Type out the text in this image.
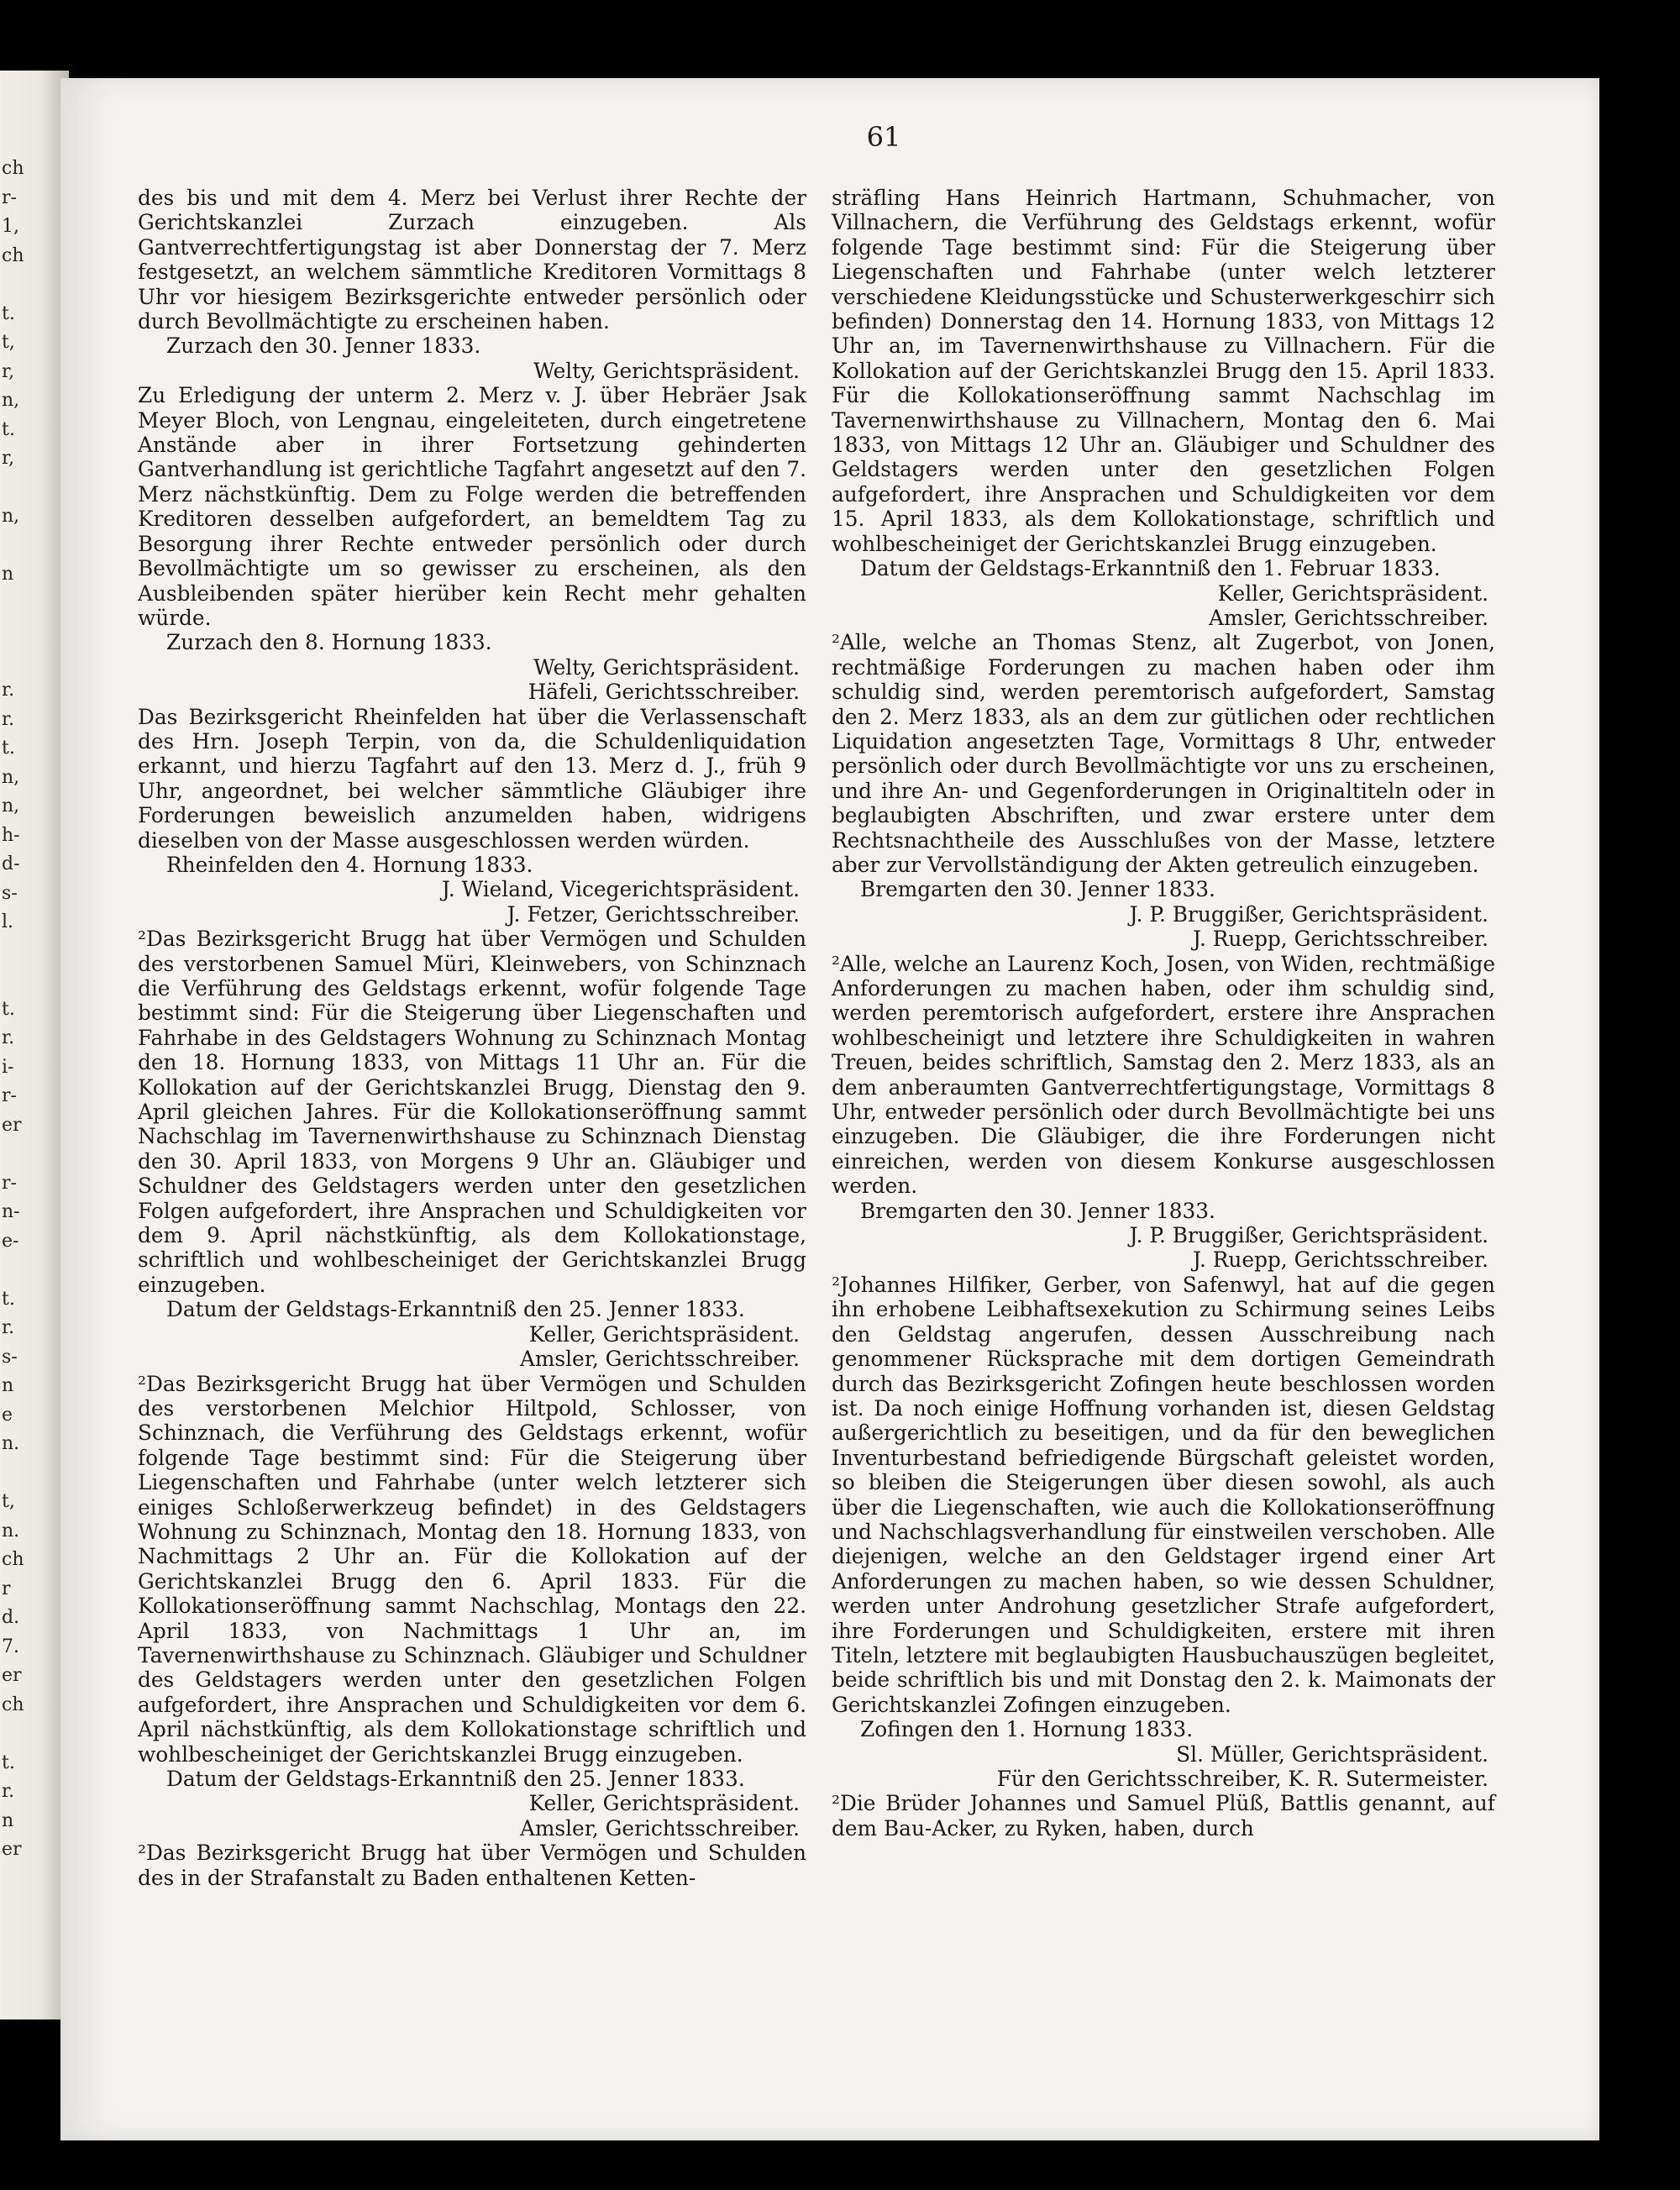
ch
r-
1,
ch
t.
t,
r,
n,
t.
r,
n,
n
r.
r.
t.
n,
n,
h-
d-
s-
l.
t.
r.
i-
r-
er
r-
n-
e-
t.
r.
s-
n
e
n.
t,
n.
ch
r
d.
7.
er
ch
t.
r.
n
er
61

des bis und mit dem 4. Merz bei Verlust ihrer Rechte der Gerichtskanzlei Zurzach einzugeben. Als Gantverrechtfertigungstag ist aber Donnerstag der 7. Merz festgesetzt, an welchem sämmtliche Kreditoren Vormittags 8 Uhr vor hiesigem Bezirksgerichte entweder persönlich oder durch Bevollmächtigte zu erscheinen haben.

Zurzach den 30. Jenner 1833.

Welty, Gerichtspräsident.

Zu Erledigung der unterm 2. Merz v. J. über Hebräer Jsak Meyer Bloch, von Lengnau, eingeleiteten, durch eingetretene Anstände aber in ihrer Fortsetzung gehinderten Gantverhandlung ist gerichtliche Tagfahrt angesetzt auf den 7. Merz nächstkünftig. Dem zu Folge werden die betreffenden Kreditoren desselben aufgefordert, an bemeldtem Tag zu Besorgung ihrer Rechte entweder persönlich oder durch Bevollmächtigte um so gewisser zu erscheinen, als den Ausbleibenden später hierüber kein Recht mehr gehalten würde.

Zurzach den 8. Hornung 1833.

Welty, Gerichtspräsident.

Häfeli, Gerichtsschreiber.

Das Bezirksgericht Rheinfelden hat über die Verlassenschaft des Hrn. Joseph Terpin, von da, die Schuldenliquidation erkannt, und hierzu Tagfahrt auf den 13. Merz d. J., früh 9 Uhr, angeordnet, bei welcher sämmtliche Gläubiger ihre Forderungen beweislich anzumelden haben, widrigens dieselben von der Masse ausgeschlossen werden würden.

Rheinfelden den 4. Hornung 1833.

J. Wieland, Vicegerichtspräsident.

J. Fetzer, Gerichtsschreiber.

²Das Bezirksgericht Brugg hat über Vermögen und Schulden des verstorbenen Samuel Müri, Kleinwebers, von Schinznach die Verführung des Geldstags erkennt, wofür folgende Tage bestimmt sind: Für die Steigerung über Liegenschaften und Fahrhabe in des Geldstagers Wohnung zu Schinznach Montag den 18. Hornung 1833, von Mittags 11 Uhr an. Für die Kollokation auf der Gerichtskanzlei Brugg, Dienstag den 9. April gleichen Jahres. Für die Kollokationseröffnung sammt Nachschlag im Tavernenwirthshause zu Schinznach Dienstag den 30. April 1833, von Morgens 9 Uhr an. Gläubiger und Schuldner des Geldstagers werden unter den gesetzlichen Folgen aufgefordert, ihre Ansprachen und Schuldigkeiten vor dem 9. April nächstkünftig, als dem Kollokationstage, schriftlich und wohlbescheiniget der Gerichtskanzlei Brugg einzugeben.

Datum der Geldstags-Erkanntniß den 25. Jenner 1833.

Keller, Gerichtspräsident.

Amsler, Gerichtsschreiber.

²Das Bezirksgericht Brugg hat über Vermögen und Schulden des verstorbenen Melchior Hiltpold, Schlosser, von Schinznach, die Verführung des Geldstags erkennt, wofür folgende Tage bestimmt sind: Für die Steigerung über Liegenschaften und Fahrhabe (unter welch letzterer sich einiges Schloßerwerkzeug befindet) in des Geldstagers Wohnung zu Schinznach, Montag den 18. Hornung 1833, von Nachmittags 2 Uhr an. Für die Kollokation auf der Gerichtskanzlei Brugg den 6. April 1833. Für die Kollokationseröffnung sammt Nachschlag, Montags den 22. April 1833, von Nachmittags 1 Uhr an, im Tavernenwirthshause zu Schinznach. Gläubiger und Schuldner des Geldstagers werden unter den gesetzlichen Folgen aufgefordert, ihre Ansprachen und Schuldigkeiten vor dem 6. April nächstkünftig, als dem Kollokationstage schriftlich und wohlbescheiniget der Gerichtskanzlei Brugg einzugeben.

Datum der Geldstags-Erkanntniß den 25. Jenner 1833.

Keller, Gerichtspräsident.

Amsler, Gerichtsschreiber.

²Das Bezirksgericht Brugg hat über Vermögen und Schulden des in der Strafanstalt zu Baden enthaltenen Ketten-

sträfling Hans Heinrich Hartmann, Schuhmacher, von Villnachern, die Verführung des Geldstags erkennt, wofür folgende Tage bestimmt sind: Für die Steigerung über Liegenschaften und Fahrhabe (unter welch letzterer verschiedene Kleidungsstücke und Schusterwerkgeschirr sich befinden) Donnerstag den 14. Hornung 1833, von Mittags 12 Uhr an, im Tavernenwirthshause zu Villnachern. Für die Kollokation auf der Gerichtskanzlei Brugg den 15. April 1833. Für die Kollokationseröffnung sammt Nachschlag im Tavernenwirthshause zu Villnachern, Montag den 6. Mai 1833, von Mittags 12 Uhr an. Gläubiger und Schuldner des Geldstagers werden unter den gesetzlichen Folgen aufgefordert, ihre Ansprachen und Schuldigkeiten vor dem 15. April 1833, als dem Kollokationstage, schriftlich und wohlbescheiniget der Gerichtskanzlei Brugg einzugeben.

Datum der Geldstags-Erkanntniß den 1. Februar 1833.

Keller, Gerichtspräsident.

Amsler, Gerichtsschreiber.

²Alle, welche an Thomas Stenz, alt Zugerbot, von Jonen, rechtmäßige Forderungen zu machen haben oder ihm schuldig sind, werden peremtorisch aufgefordert, Samstag den 2. Merz 1833, als an dem zur gütlichen oder rechtlichen Liquidation angesetzten Tage, Vormittags 8 Uhr, entweder persönlich oder durch Bevollmächtigte vor uns zu erscheinen, und ihre An- und Gegenforderungen in Originaltiteln oder in beglaubigten Abschriften, und zwar erstere unter dem Rechtsnachtheile des Ausschlußes von der Masse, letztere aber zur Vervollständigung der Akten getreulich einzugeben.

Bremgarten den 30. Jenner 1833.

J. P. Bruggißer, Gerichtspräsident.

J. Ruepp, Gerichtsschreiber.

²Alle, welche an Laurenz Koch, Josen, von Widen, rechtmäßige Anforderungen zu machen haben, oder ihm schuldig sind, werden peremtorisch aufgefordert, erstere ihre Ansprachen wohlbescheinigt und letztere ihre Schuldigkeiten in wahren Treuen, beides schriftlich, Samstag den 2. Merz 1833, als an dem anberaumten Gantverrechtfertigungstage, Vormittags 8 Uhr, entweder persönlich oder durch Bevollmächtigte bei uns einzugeben. Die Gläubiger, die ihre Forderungen nicht einreichen, werden von diesem Konkurse ausgeschlossen werden.

Bremgarten den 30. Jenner 1833.

J. P. Bruggißer, Gerichtspräsident.

J. Ruepp, Gerichtsschreiber.

²Johannes Hilfiker, Gerber, von Safenwyl, hat auf die gegen ihn erhobene Leibhaftsexekution zu Schirmung seines Leibs den Geldstag angerufen, dessen Ausschreibung nach genommener Rücksprache mit dem dortigen Gemeindrath durch das Bezirksgericht Zofingen heute beschlossen worden ist. Da noch einige Hoffnung vorhanden ist, diesen Geldstag außergerichtlich zu beseitigen, und da für den beweglichen Inventurbestand befriedigende Bürgschaft geleistet worden, so bleiben die Steigerungen über diesen sowohl, als auch über die Liegenschaften, wie auch die Kollokationseröffnung und Nachschlagsverhandlung für einstweilen verschoben. Alle diejenigen, welche an den Geldstager irgend einer Art Anforderungen zu machen haben, so wie dessen Schuldner, werden unter Androhung gesetzlicher Strafe aufgefordert, ihre Forderungen und Schuldigkeiten, erstere mit ihren Titeln, letztere mit beglaubigten Hausbuchauszügen begleitet, beide schriftlich bis und mit Donstag den 2. k. Maimonats der Gerichtskanzlei Zofingen einzugeben.

Zofingen den 1. Hornung 1833.

Sl. Müller, Gerichtspräsident.

Für den Gerichtsschreiber, K. R. Sutermeister.

²Die Brüder Johannes und Samuel Plüß, Battlis genannt, auf dem Bau-Acker, zu Ryken, haben, durch
